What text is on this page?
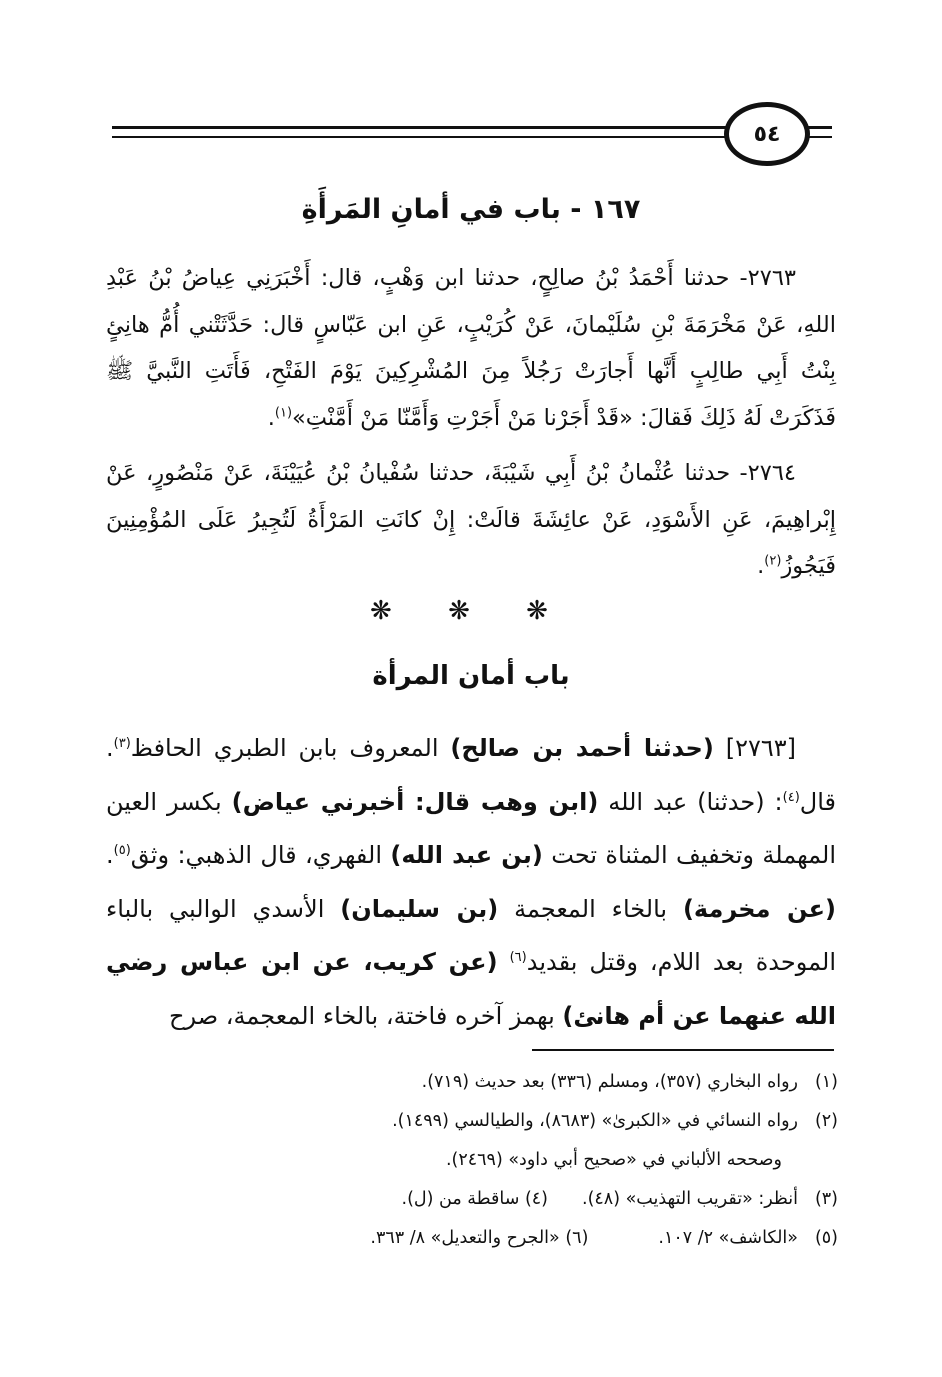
٥٤
١٦٧ - باب في أمانِ المَرأَةِ

٢٧٦٣- حدثنا أَحْمَدُ بْنُ صالِحٍ، حدثنا ابن وَهْبٍ، قال: أَخْبَرَنِي عِياضُ بْنُ عَبْدِ اللهِ، عَنْ مَخْرَمَةَ بْنِ سُلَيْمانَ، عَنْ كُرَيْبٍ، عَنِ ابن عَبّاسٍ قال: حَدَّثَتْني أُمُّ هانِئٍ بِنْتُ أَبِي طالِبٍ أَنَّها أَجارَتْ رَجُلاً مِنَ المُشْرِكِينَ يَوْمَ الفَتْحِ، فَأَتَتِ النَّبيَّ ﷺ فَذَكَرَتْ لَهُ ذَلِكَ فَقالَ: «قَدْ أَجَرْنا مَنْ أَجَرْتِ وَأَمَّنّا مَنْ أَمَّنْتِ»$^{(١)}$.

٢٧٦٤- حدثنا عُثْمانُ بْنُ أَبِي شَيْبَةَ، حدثنا سُفْيانُ بْنُ عُيَيْنَةَ، عَنْ مَنْصُورٍ، عَنْ إِبْراهِيمَ، عَنِ الأَسْوَدِ، عَنْ عائِشَةَ قالَتْ: إِنْ كانَتِ المَرْأَةُ لَتُجِيرُ عَلَى المُؤْمِنِينَ فَيَجُوزُ$^{(٢)}$.

❋ ❋ ❋
باب أمان المرأة

[٢٧٦٣] (حدثنا أحمد بن صالح) المعروف بابن الطبري الحافظ$^{(٣)}$. قال$^{(٤)}$: (حدثنا) عبد الله (ابن وهب قال: أخبرني عياض) بكسر العين المهملة وتخفيف المثناة تحت (بن عبد الله) الفهري، قال الذهبي: وثق$^{(٥)}$. (عن مخرمة) بالخاء المعجمة (بن سليمان) الأسدي الوالبي بالباء الموحدة بعد اللام، وقتل بقديد$^{(٦)}$ (عن كريب، عن ابن عباس رضي الله عنهما عن أم هانئ) بهمز آخره فاختة، بالخاء المعجمة، صرح

(١)رواه البخاري (٣٥٧)، ومسلم (٣٣٦) بعد حديث (٧١٩).
(٢)رواه النسائي في «الكبرىٰ» (٨٦٨٣)، والطيالسي (١٤٩٩).
وصححه الألباني في «صحيح أبي داود» (٢٤٦٩).
(٣)أنظر: «تقريب التهذيب» (٤٨).(٤) ساقطة من (ل).
(٥)«الكاشف» ٢/ ١٠٧.(٦) «الجرح والتعديل» ٨/ ٣٦٣.
